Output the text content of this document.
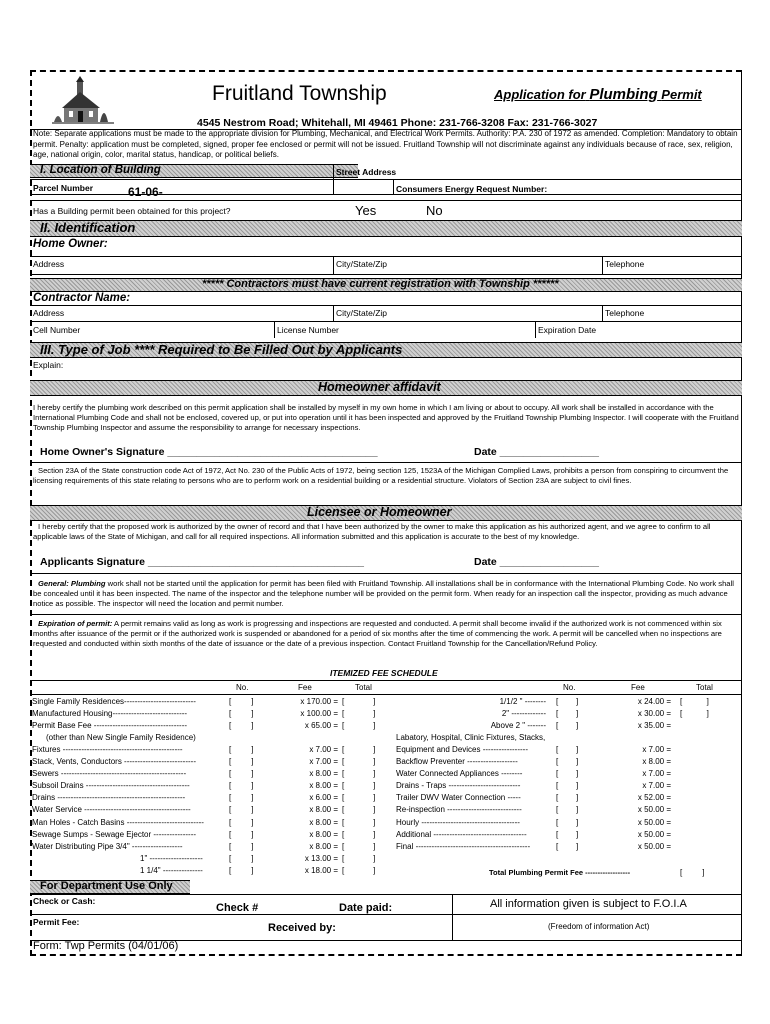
Fruitland Township	Application for Plumbing Permit
4545 Nestrom Road; Whitehall, MI 49461 Phone: 231-766-3208 Fax: 231-766-3027
Note: Separate applications must be made to the appropriate division for Plumbing, Mechanical, and Electrical Work Permits. Authority: P.A. 230 of 1972 as amended. Completion: Mandatory to obtain permit. Penalty: application must be completed, signed, proper fee enclosed or permit will not be issued. Fruitland Township will not discriminate against any individuals because of race, sex, religion, age, national origin, color, marital status, handicap, or political beliefs.
I. Location of Building	Street Address
Parcel Number	61-06-	Consumers Energy Request Number:
Has a Building permit been obtained for this project?	Yes	No
II. Identification
Home Owner:
Address	City/State/Zip	Telephone
***** Contractors must have current registration with Township ******
Contractor Name:
Address	City/State/Zip	Telephone
Cell Number	License Number	Expiration Date
III. Type of Job **** Required to Be Filled Out by Applicants
Explain:
Homeowner affidavit
I hereby certify the plumbing work described on this permit application shall be installed by myself in my own home in which I am living or about to occupy. All work shall be installed in accordance with the International Plumbing Code and shall not be enclosed, covered up, or put into operation until it has been inspected and approved by the Fruitland Township Plumbing Inspector. I will cooperate with the Fruitland Township Plumbing Inspector and assume the responsibility to arrange for necessary inspections.
Home Owner's Signature ____________________________________	Date _________________
Section 23A of the State construction code Act of 1972, Act No. 230 of the Public Acts of 1972, being section 125, 1523A of the Michigan Complied Laws, prohibits a person from conspiring to circumvent the licensing requirements of this state relating to persons who are to perform work on a residential building or a residential structure. Violators of Section 23A are subject to civil fines.
Licensee or Homeowner
I hereby certify that the proposed work is authorized by the owner of record and that I have been authorized by the owner to make this application as his authorized agent, and we agree to confirm to all applicable laws of the State of Michigan, and call for all required inspections. All information submitted and this application is accurate to the best of my knowledge.
Applicants Signature _____________________________________	Date _________________
General: Plumbing work shall not be started until the application for permit has been filed with Fruitland Township. All installations shall be in conformance with the International Plumbing Code. No work shall be concealed until it has been inspected. The name of the inspector and the telephone number will be provided on the permit form. When ready for an inspection call the inspector, providing as much advance notice as possible. The inspector will need the location and permit number.
Expiration of permit: A permit remains valid as long as work is progressing and inspections are requested and conducted. A permit shall become invalid if the authorized work is not commenced within six months after issuance of the permit or if the authorized work is suspended or abandoned for a period of six months after the time of commencing the work. A permit will be cancelled when no inspections are requested and conducted within sixth months of the date of issuance or the date of a previous inspection. Contact Fruitland Township for the Cancellation/Refund Policy.
ITEMIZED FEE SCHEDULE
No.	Fee	Total	No.	Fee	Total
Single Family Residences---------------------------	[         ]	x 170.00 = [             ]
Manufactured Housing----------------------------	[         ]	x 100.00 = [             ]
Permit Base Fee -----------------------------------	[         ]	x 65.00 = [             ]
(other than New Single Family Residence)
Fixtures ---------------------------------------------	[         ]	x 7.00 = [             ]
Stack, Vents, Conductors ---------------------------	[         ]	x 7.00 = [             ]
Sewers -----------------------------------------------	[         ]	x 8.00 = [             ]
Subsoil Drains ---------------------------------------	[         ]	x 8.00 = [             ]
Drains ------------------------------------------------	[         ]	x 6.00 = [             ]
Water Service ----------------------------------------	[         ]	x 8.00 = [             ]
Man Holes - Catch Basins -----------------------------	[         ]	x 8.00 = [             ]
Sewage Sumps - Sewage Ejector ----------------	[         ]	x 8.00 = [             ]
Water Distributing Pipe 3/4" -------------------	[         ]	x 8.00 = [             ]
1" --------------------	[         ]	x 13.00 = [             ]
1 1/4" ---------------	[         ]	x 18.00 = [             ]
1/1/2 " -------- [        ]	x 24.00 = [           ]
2" ------------- [        ]	x 30.00 = [           ]
Above 2 " ------- [        ]	x 35.00 =
Equipment and Devices -----------------	[        ]	x 7.00 =
Backflow Preventer -------------------	[        ]	x 8.00 =
Water Connected Appliances --------	[        ]	x 7.00 =
Drains - Traps ---------------------------	[        ]	x 7.00 =
Trailer DWV Water Connection -----	[        ]	x 52.00 =
Re-inspection ----------------------------	[        ]	x 50.00 =
Hourly -------------------------------------	[        ]	x 50.00 =
Additional -----------------------------------	[        ]	x 50.00 =
Final -------------------------------------------	[        ]	x 50.00 =
Labatory, Hospital, Clinic Fixtures, Stacks,
Total Plumbing Permit Fee ------------------	[         ]
For Department Use Only
Check or Cash:
Check #	Date paid:	All information given is subject to F.O.I.A
Permit Fee:	Received by:	(Freedom of information Act)
Form: Twp Permits (04/01/06)
